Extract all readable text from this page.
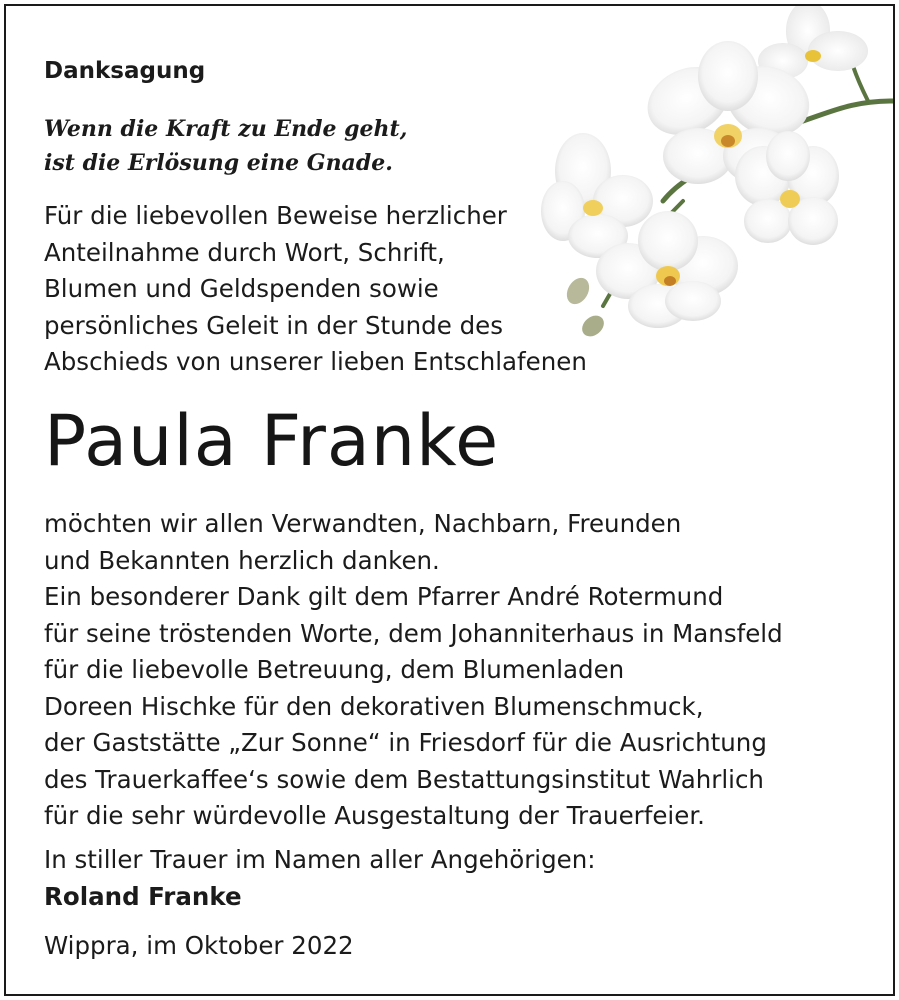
Danksagung
Wenn die Kraft zu Ende geht,
ist die Erlösung eine Gnade.
Für die liebevollen Beweise herzlicher
Anteilnahme durch Wort, Schrift,
Blumen und Geldspenden sowie
persönliches Geleit in der Stunde des
Abschieds von unserer lieben Entschlafenen
Paula Franke
möchten wir allen Verwandten, Nachbarn, Freunden
und Bekannten herzlich danken.
Ein besonderer Dank gilt dem Pfarrer André Rotermund
für seine tröstenden Worte, dem Johanniterhaus in Mansfeld
für die liebevolle Betreuung, dem Blumenladen
Doreen Hischke für den dekorativen Blumenschmuck,
der Gaststätte „Zur Sonne“ in Friesdorf für die Ausrichtung
des Trauerkaffee‘s sowie dem Bestattungsinstitut Wahrlich
für die sehr würdevolle Ausgestaltung der Trauerfeier.
In stiller Trauer im Namen aller Angehörigen:
Roland Franke
Wippra, im Oktober 2022
